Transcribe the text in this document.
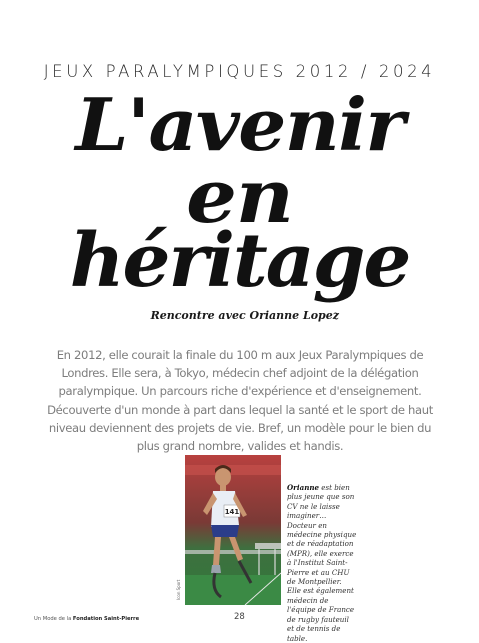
JEUX PARALYMPIQUES 2012 / 2024
L'avenir
en
héritage
Rencontre avec Orianne Lopez

En 2012, elle courait la finale du 100 m aux Jeux Paralympiques de Londres. Elle sera, à Tokyo, médecin chef adjoint de la délégation paralympique. Un parcours riche d'expérience et d'enseignement. Découverte d'un monde à part dans lequel la santé et le sport de haut niveau deviennent des projets de vie. Bref, un modèle pour le bien du plus grand nombre, valides et handis.

141
Icon Sport

Orianne est bien plus jeune que son CV ne le laisse imaginer… Docteur en médecine physique et de réadaptation (MPR), elle exerce à l'Institut Saint-Pierre et au CHU de Montpellier. Elle est également médecin de l'équipe de France de rugby fauteuil et de tennis de table.

Un Mode de la Fondation Saint-Pierre	28
